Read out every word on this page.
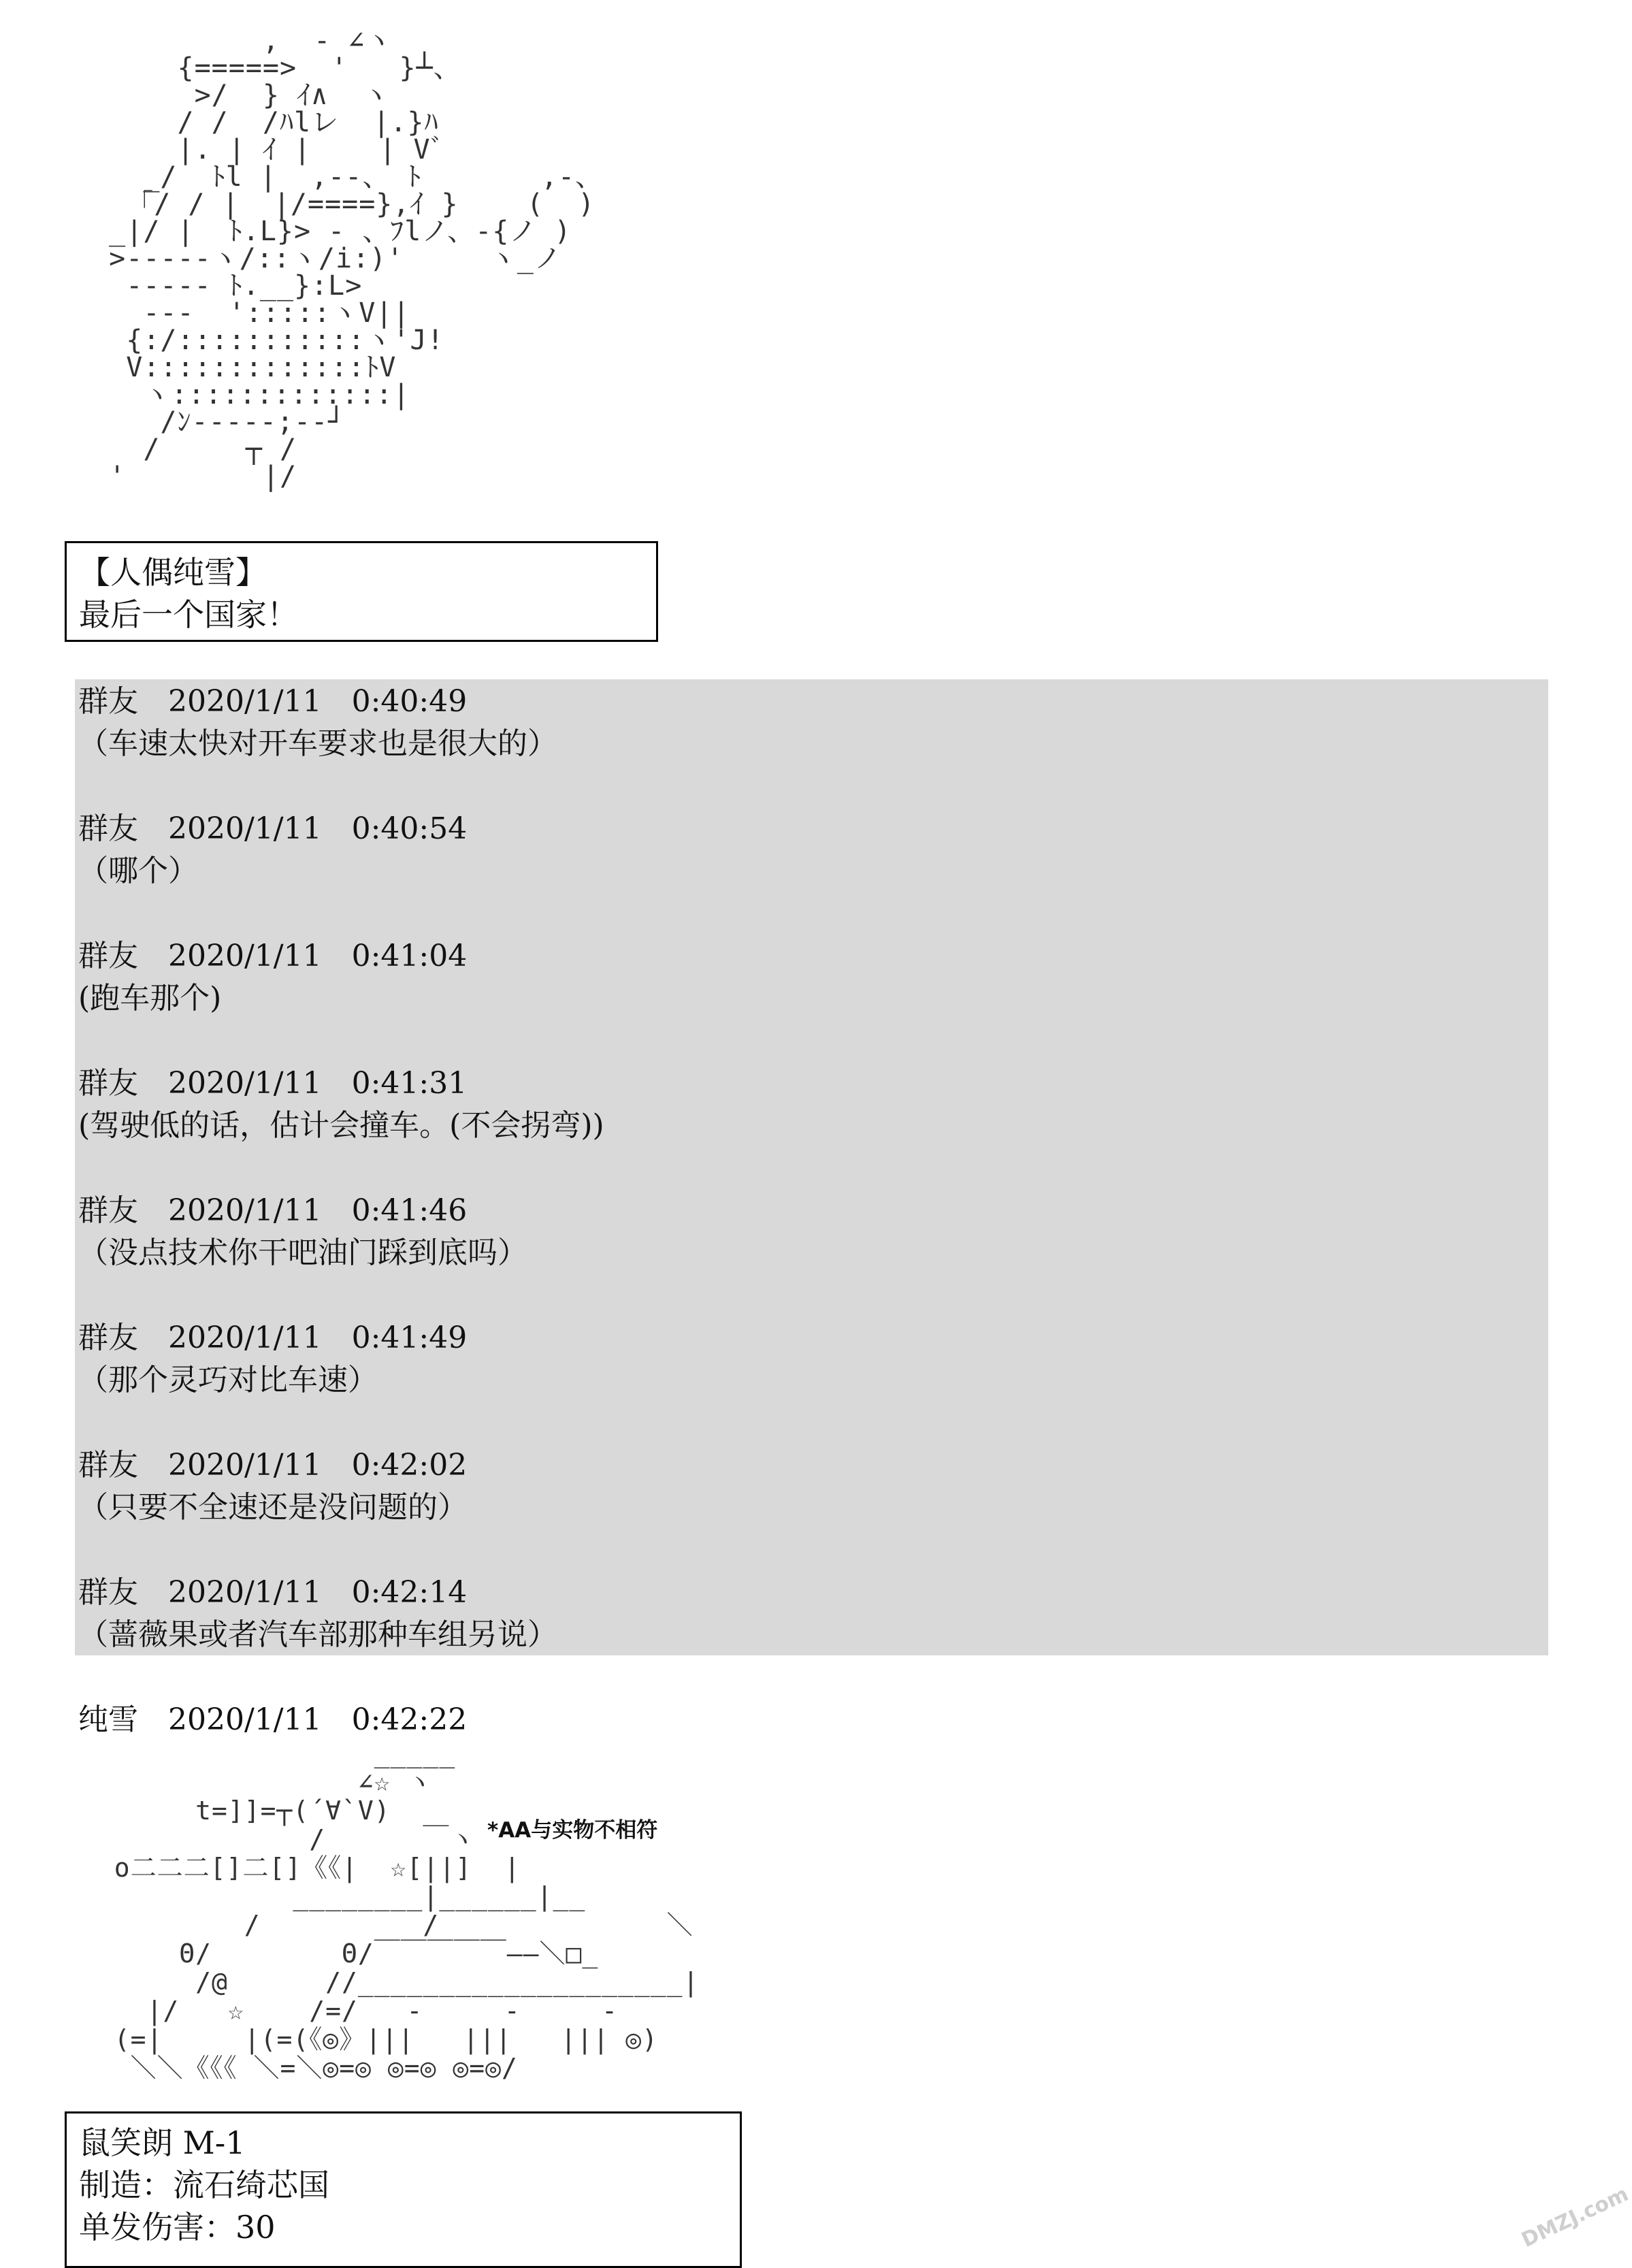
,  - ∠ヽ
{=====>  '   }┴、
>/  } ｲ∧  ヽ
/ /  /ﾊlレ  |.}ﾊ
|. | ｲ |    | Vﾞ
_/  ﾄl |  ,--、 ﾄ       ,-、
「/ / |  |/====},ｲ }    (  )
_|/ |  ﾄ.L}> - 、ﾌlノ、-{ノ )
>-----ヽ/::ヽ/i:)'     ヽ_ノ
----- ﾄ.__}:L>
---  ':::::ヽV||
{:/:::::::::::ヽ'J!
V:::::::::::::ﾄV
ヽ:::::::::::::|
/ﾝ-----;--┘
/     ┬ /
'        |/
【人偶纯雪】
最后一个国家！
群友　2020/1/11　0:40:49
（车速太快对开车要求也是很大的）
群友　2020/1/11　0:40:54
（哪个）
群友　2020/1/11　0:41:04
(跑车那个)
群友　2020/1/11　0:41:31
(驾驶低的话，估计会撞车。(不会拐弯))
群友　2020/1/11　0:41:46
（没点技术你干吧油门踩到底吗）
群友　2020/1/11　0:41:49
（那个灵巧对比车速）
群友　2020/1/11　0:42:02
（只要不全速还是没问题的）
群友　2020/1/11　0:42:14
（蔷薇果或者汽车部那种车组另说）
纯雪　2020/1/11　0:42:22
_____
∠☆ ヽ
t=]]=┬(´∀`V)
/      ￣ヽ
o二二二[]二[]《《|  ☆[||]  |
________|______|__
/          /              ＼
Θ/        Θ/￣￣￣￣￣――＼□_
/@      //____________________|
|/   ☆    /=/   -     -     -
(=|     |(=(《◎》|||   |||   ||| ◎)
＼＼《《《 ＼=＼◎=◎ ◎=◎ ◎=◎/
*AA与实物不相符
鼠笑朗 M-1
制造：流石绮芯国
单发伤害：30	DMZJ.com
